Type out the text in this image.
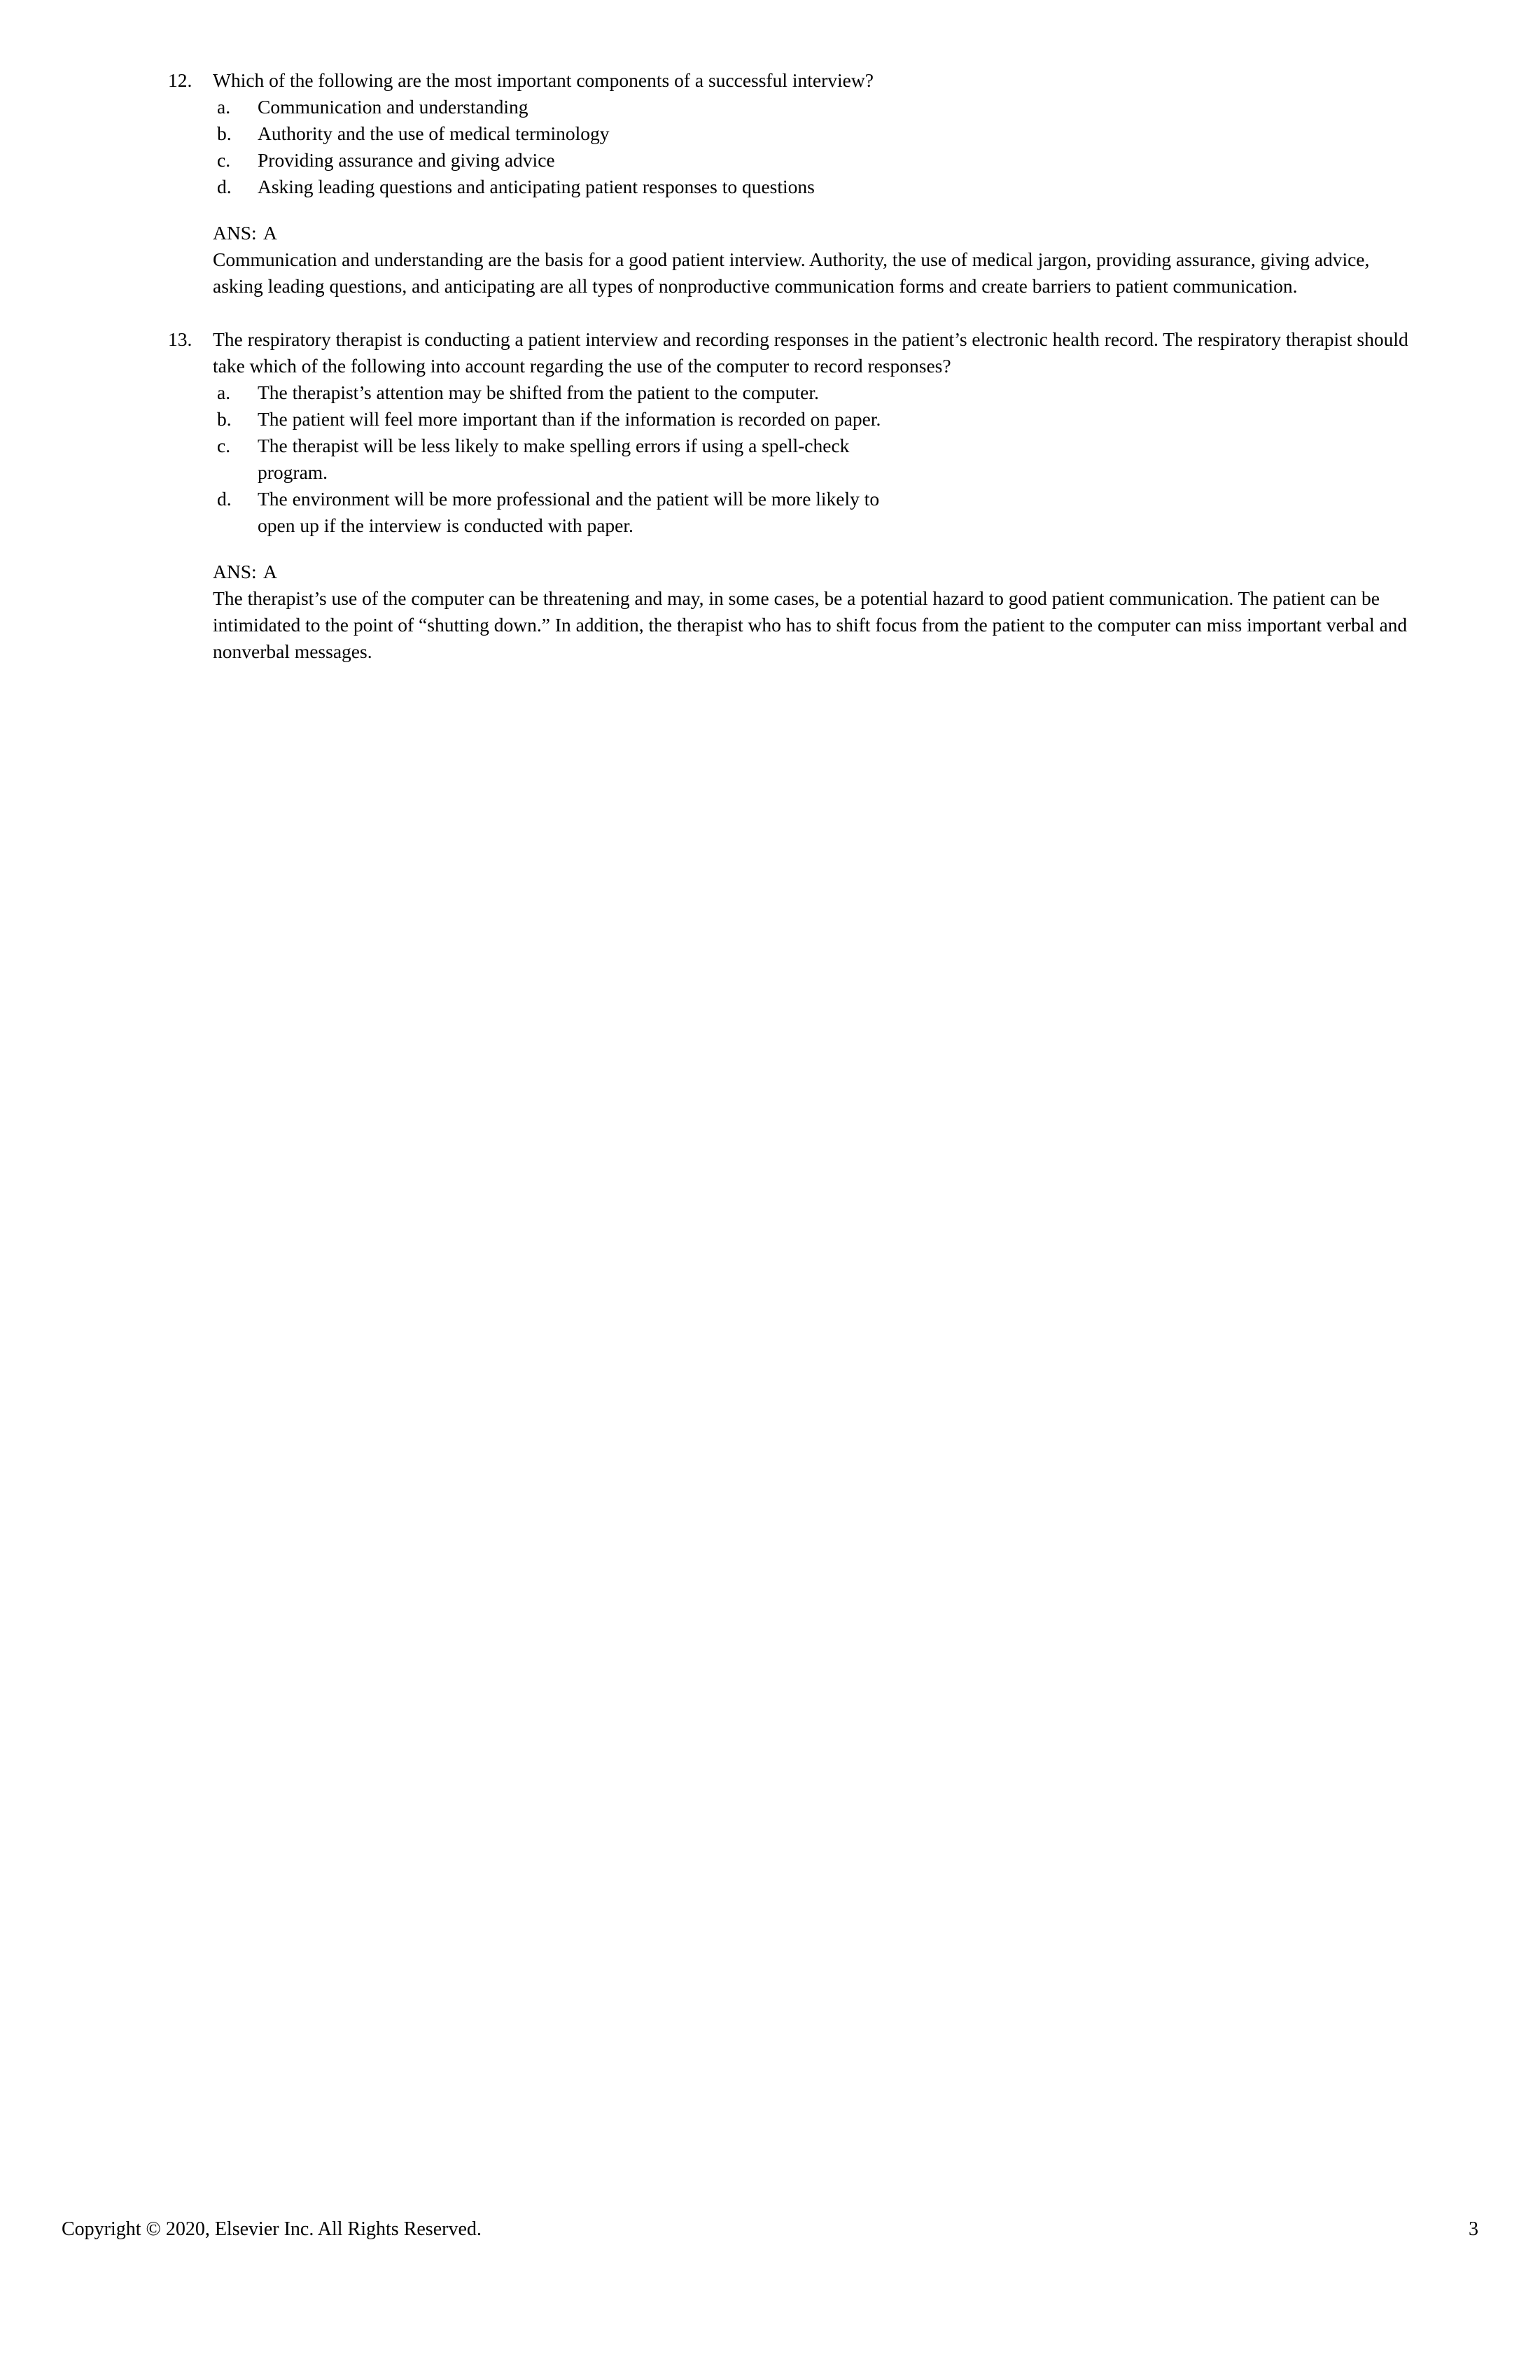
12.	Which of the following are the most important components of a successful interview?
a.	Communication and understanding
b.	Authority and the use of medical terminology
c.	Providing assurance and giving advice
d.	Asking leading questions and anticipating patient responses to questions
ANS: A
Communication and understanding are the basis for a good patient interview. Authority, the use of medical jargon, providing assurance, giving advice, asking leading questions, and anticipating are all types of nonproductive communication forms and create barriers to patient communication.
13.	The respiratory therapist is conducting a patient interview and recording responses in the patient’s electronic health record. The respiratory therapist should take which of the following into account regarding the use of the computer to record responses?
a.	The therapist’s attention may be shifted from the patient to the computer.
b.	The patient will feel more important than if the information is recorded on paper.
c.	The therapist will be less likely to make spelling errors if using a spell-check
program.
d.	The environment will be more professional and the patient will be more likely to
open up if the interview is conducted with paper.
ANS: A
The therapist’s use of the computer can be threatening and may, in some cases, be a potential hazard to good patient communication. The patient can be intimidated to the point of “shutting down.” In addition, the therapist who has to shift focus from the patient to the computer can miss important verbal and nonverbal messages.
Copyright © 2020, Elsevier Inc. All Rights Reserved.	3
